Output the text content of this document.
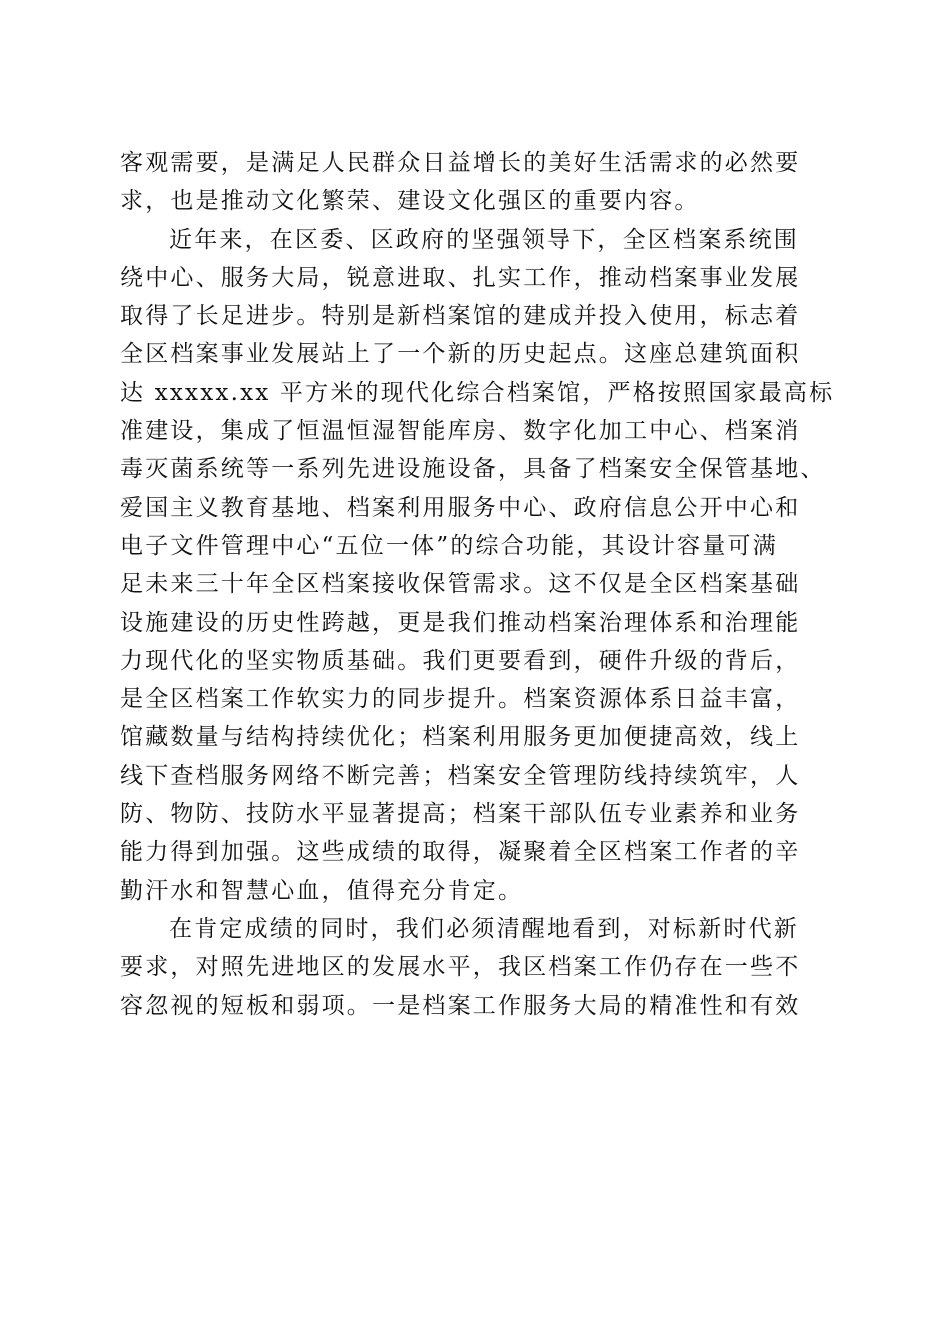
客观需要，是满足人民群众日益增长的美好生活需求的必然要
求，也是推动文化繁荣、建设文化强区的重要内容。
近年来，在区委、区政府的坚强领导下，全区档案系统围
绕中心、服务大局，锐意进取、扎实工作，推动档案事业发展
取得了长足进步。特别是新档案馆的建成并投入使用，标志着
全区档案事业发展站上了一个新的历史起点。这座总建筑面积
达 xxxxx.xx 平方米的现代化综合档案馆，严格按照国家最高标
准建设，集成了恒温恒湿智能库房、数字化加工中心、档案消
毒灭菌系统等一系列先进设施设备，具备了档案安全保管基地、
爱国主义教育基地、档案利用服务中心、政府信息公开中心和
电子文件管理中心“五位一体”的综合功能，其设计容量可满
足未来三十年全区档案接收保管需求。这不仅是全区档案基础
设施建设的历史性跨越，更是我们推动档案治理体系和治理能
力现代化的坚实物质基础。我们更要看到，硬件升级的背后，
是全区档案工作软实力的同步提升。档案资源体系日益丰富，
馆藏数量与结构持续优化；档案利用服务更加便捷高效，线上
线下查档服务网络不断完善；档案安全管理防线持续筑牢，人
防、物防、技防水平显著提高；档案干部队伍专业素养和业务
能力得到加强。这些成绩的取得，凝聚着全区档案工作者的辛
勤汗水和智慧心血，值得充分肯定。
在肯定成绩的同时，我们必须清醒地看到，对标新时代新
要求，对照先进地区的发展水平，我区档案工作仍存在一些不
容忽视的短板和弱项。一是档案工作服务大局的精准性和有效
